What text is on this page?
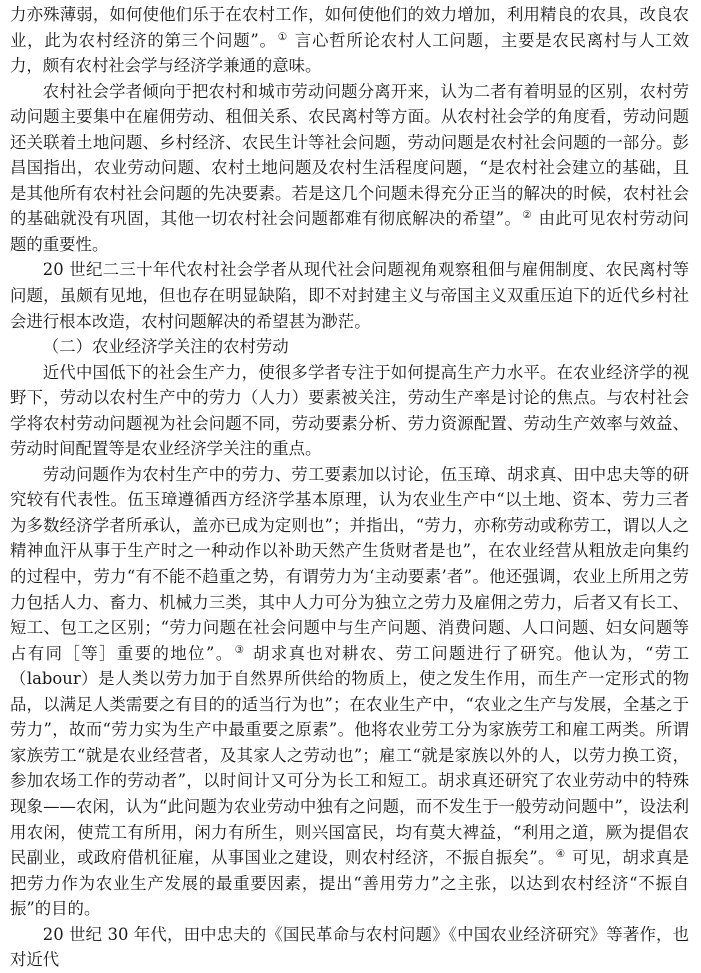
力亦殊薄弱，如何使他们乐于在农村工作，如何使他们的效力增加，利用精良的农具，改良农业，此为农村经济的第三个问题”。① 言心哲所论农村人工问题，主要是农民离村与人工效力，颇有农村社会学与经济学兼通的意味。

农村社会学者倾向于把农村和城市劳动问题分离开来，认为二者有着明显的区别，农村劳动问题主要集中在雇佣劳动、租佃关系、农民离村等方面。从农村社会学的角度看，劳动问题还关联着土地问题、乡村经济、农民生计等社会问题，劳动问题是农村社会问题的一部分。彭昌国指出，农业劳动问题、农村土地问题及农村生活程度问题，“是农村社会建立的基础，且是其他所有农村社会问题的先决要素。若是这几个问题未得充分正当的解决的时候，农村社会的基础就没有巩固，其他一切农村社会问题都难有彻底解决的希望”。② 由此可见农村劳动问题的重要性。

20 世纪二三十年代农村社会学者从现代社会问题视角观察租佃与雇佣制度、农民离村等问题，虽颇有见地，但也存在明显缺陷，即不对封建主义与帝国主义双重压迫下的近代乡村社会进行根本改造，农村问题解决的希望甚为渺茫。

（二）农业经济学关注的农村劳动

近代中国低下的社会生产力，使很多学者专注于如何提高生产力水平。在农业经济学的视野下，劳动以农村生产中的劳力（人力）要素被关注，劳动生产率是讨论的焦点。与农村社会学将农村劳动问题视为社会问题不同，劳动要素分析、劳力资源配置、劳动生产效率与效益、劳动时间配置等是农业经济学关注的重点。

劳动问题作为农村生产中的劳力、劳工要素加以讨论，伍玉璋、胡求真、田中忠夫等的研究较有代表性。伍玉璋遵循西方经济学基本原理，认为农业生产中“以土地、资本、劳力三者为多数经济学者所承认，盖亦已成为定则也”；并指出，“劳力，亦称劳动或称劳工，谓以人之精神血汗从事于生产时之一种动作以补助天然产生货财者是也”，在农业经营从粗放走向集约的过程中，劳力“有不能不趋重之势，有谓劳力为‘主动要素’者”。他还强调，农业上所用之劳力包括人力、畜力、机械力三类，其中人力可分为独立之劳力及雇佣之劳力，后者又有长工、短工、包工之区别；“劳力问题在社会问题中与生产问题、消费问题、人口问题、妇女问题等占有同［等］重要的地位”。③ 胡求真也对耕农、劳工问题进行了研究。他认为，“劳工（labour）是人类以劳力加于自然界所供给的物质上，使之发生作用，而生产一定形式的物品，以满足人类需要之有目的的适当行为也”；在农业生产中，“农业之生产与发展，全基之于劳力”，故而“劳力实为生产中最重要之原素”。他将农业劳工分为家族劳工和雇工两类。所谓家族劳工“就是农业经营者，及其家人之劳动也”；雇工“就是家族以外的人，以劳力换工资，参加农场工作的劳动者”，以时间计又可分为长工和短工。胡求真还研究了农业劳动中的特殊现象——农闲，认为“此问题为农业劳动中独有之问题，而不发生于一般劳动问题中”，设法利用农闲，使荒工有所用，闲力有所生，则兴国富民，均有莫大裨益，“利用之道，厥为提倡农民副业，或政府借机征雇，从事国业之建设，则农村经济，不振自振矣”。④ 可见，胡求真是把劳力作为农业生产发展的最重要因素，提出“善用劳力”之主张，以达到农村经济“不振自振”的目的。

20 世纪 30 年代，田中忠夫的《国民革命与农村问题》《中国农业经济研究》等著作，也对近代
